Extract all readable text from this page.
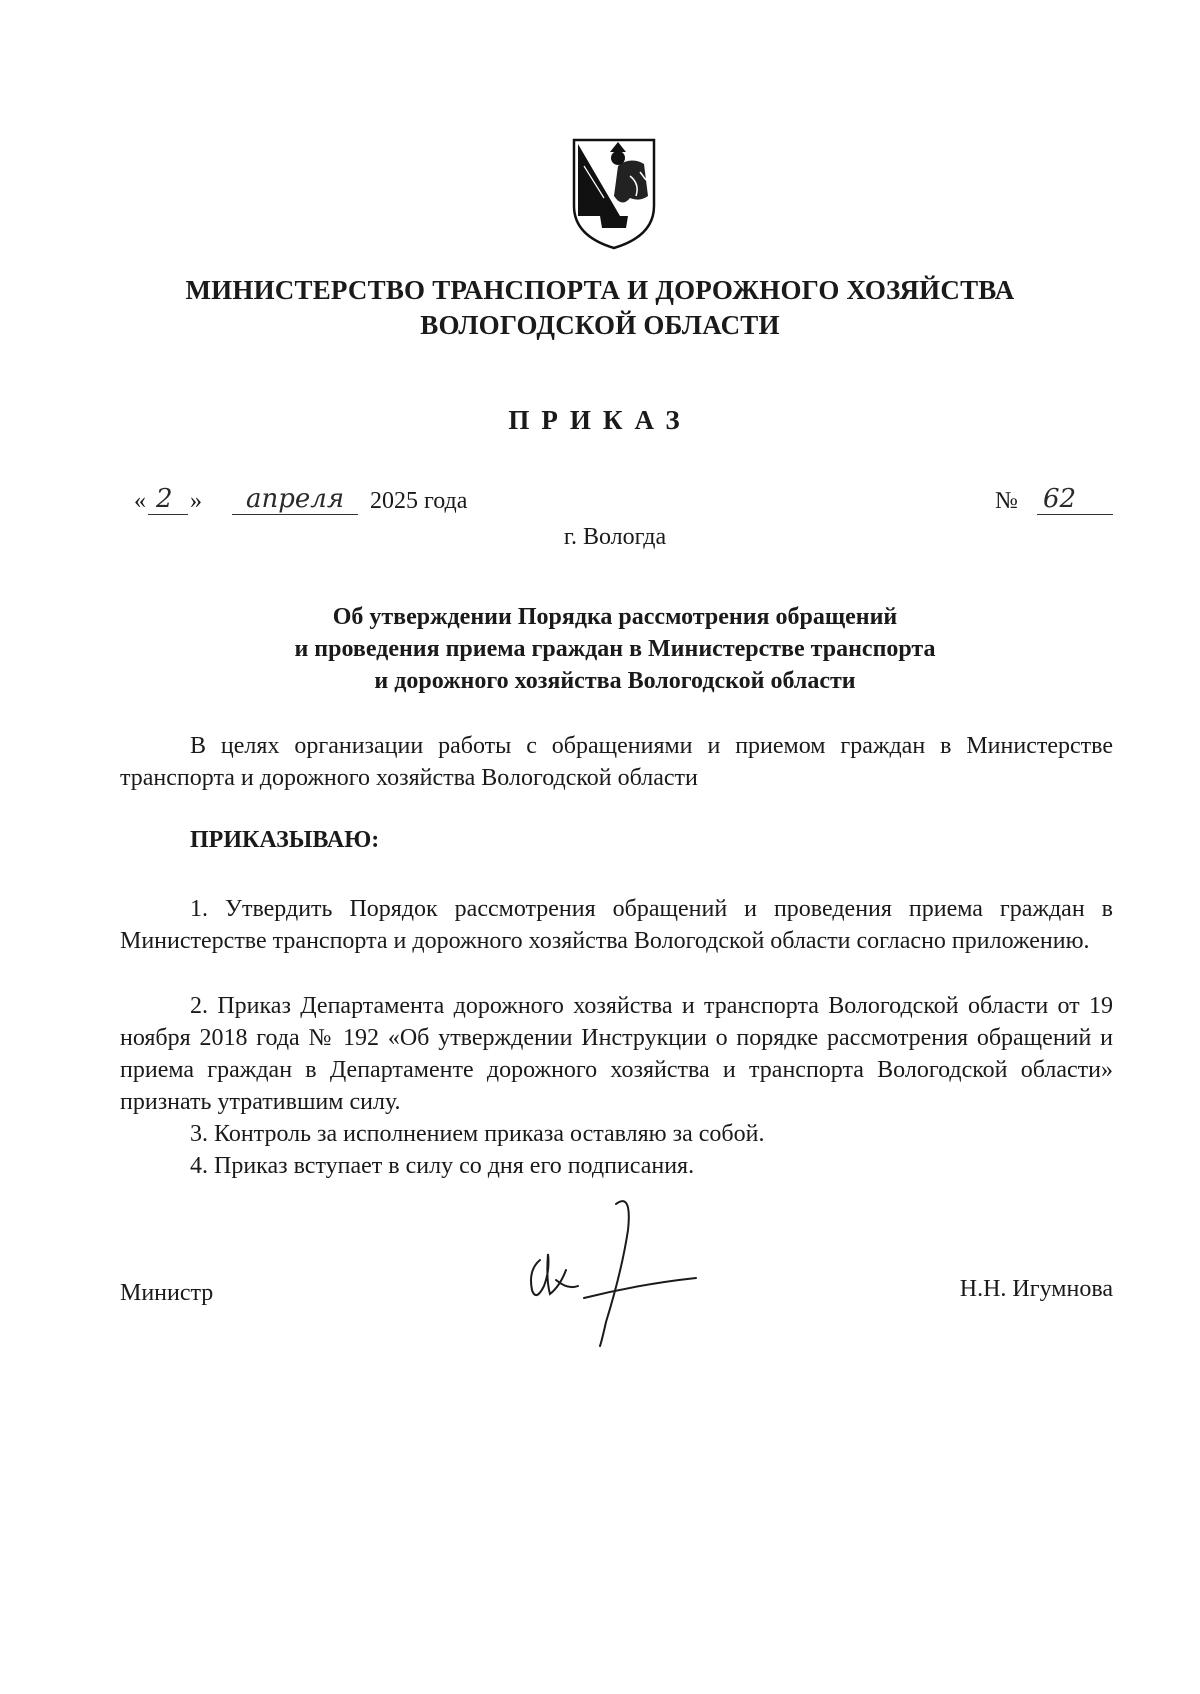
МИНИСТЕРСТВО ТРАНСПОРТА И ДОРОЖНОГО ХОЗЯЙСТВА
ВОЛОГОДСКОЙ ОБЛАСТИ
ПРИКАЗ
« 2 » апреля 2025 года	№ 62
г. Вологда
Об утверждении Порядка рассмотрения обращений
и проведения приема граждан в Министерстве транспорта
и дорожного хозяйства Вологодской области
В целях организации работы с обращениями и приемом граждан в Министерстве транспорта и дорожного хозяйства Вологодской области
ПРИКАЗЫВАЮ:
1. Утвердить Порядок рассмотрения обращений и проведения приема граждан в Министерстве транспорта и дорожного хозяйства Вологодской области согласно приложению.
2. Приказ Департамента дорожного хозяйства и транспорта Вологодской области от 19 ноября 2018 года № 192 «Об утверждении Инструкции о порядке рассмотрения обращений и приема граждан в Департаменте дорожного хозяйства и транспорта Вологодской области» признать утратившим силу.
3. Контроль за исполнением приказа оставляю за собой.
4. Приказ вступает в силу со дня его подписания.
Министр	Н.Н. Игумнова
